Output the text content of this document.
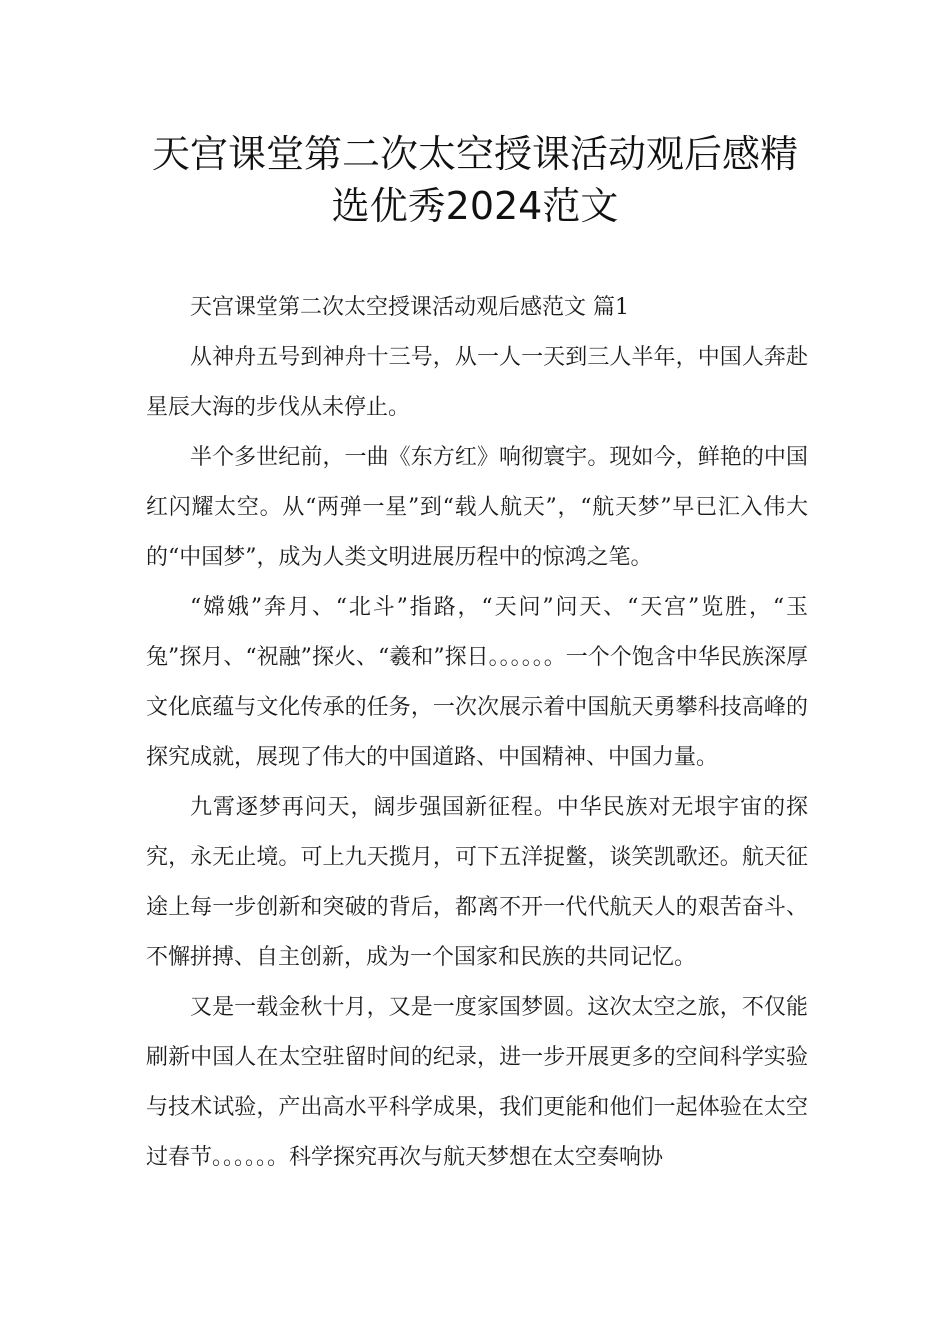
天宫课堂第二次太空授课活动观后感精
选优秀2024范文

天宫课堂第二次太空授课活动观后感范文 篇1

从神舟五号到神舟十三号，从一人一天到三人半年，中国人奔赴星辰大海的步伐从未停止。

半个多世纪前，一曲《东方红》响彻寰宇。现如今，鲜艳的中国红闪耀太空。从“两弹一星”到“载人航天”，“航天梦”早已汇入伟大的“中国梦”，成为人类文明进展历程中的惊鸿之笔。

“嫦娥”奔月、“北斗”指路，“天问”问天、“天宫”览胜，“玉兔”探月、“祝融”探火、“羲和”探日。。。。。。一个个饱含中华民族深厚文化底蕴与文化传承的任务，一次次展示着中国航天勇攀科技高峰的探究成就，展现了伟大的中国道路、中国精神、中国力量。

九霄逐梦再问天，阔步强国新征程。中华民族对无垠宇宙的探究，永无止境。可上九天揽月，可下五洋捉鳖，谈笑凯歌还。航天征途上每一步创新和突破的背后，都离不开一代代航天人的艰苦奋斗、不懈拼搏、自主创新，成为一个国家和民族的共同记忆。

又是一载金秋十月，又是一度家国梦圆。这次太空之旅，不仅能刷新中国人在太空驻留时间的纪录，进一步开展更多的空间科学实验与技术试验，产出高水平科学成果，我们更能和他们一起体验在太空过春节。。。。。。科学探究再次与航天梦想在太空奏响协
